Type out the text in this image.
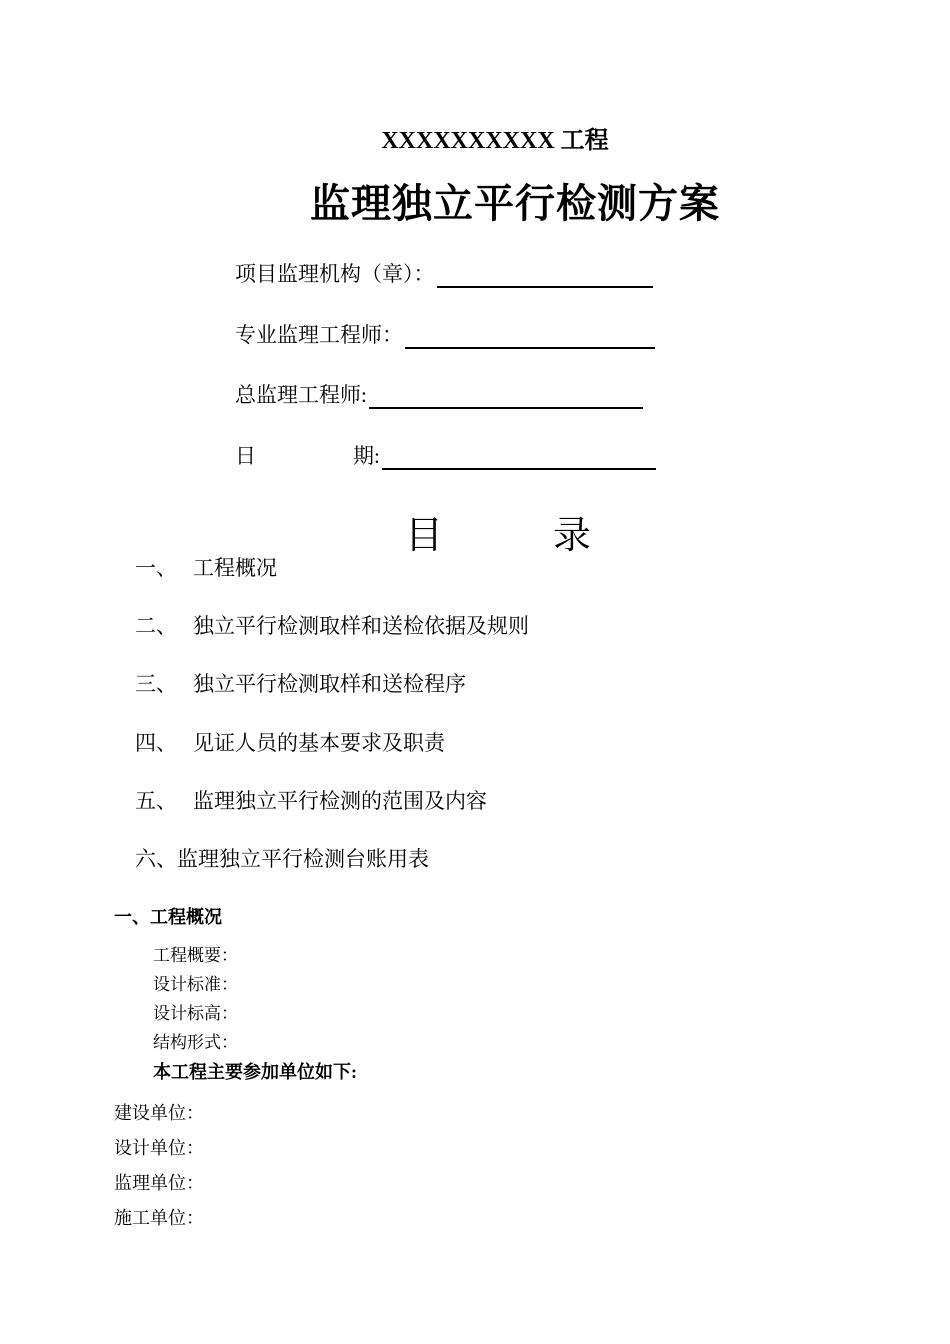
XXXXXXXXXX 工程
监理独立平行检测方案
项目监理机构（章）：
专业监理工程师：
总监理工程师:
日	期:
目	录
一、 工程概况
二、 独立平行检测取样和送检依据及规则
三、 独立平行检测取样和送检程序
四、 见证人员的基本要求及职责
五、 监理独立平行检测的范围及内容
六、监理独立平行检测台账用表
一、工程概况
工程概要：
设计标准：
设计标高：
结构形式：
本工程主要参加单位如下:
建设单位：
设计单位：
监理单位：
施工单位：
